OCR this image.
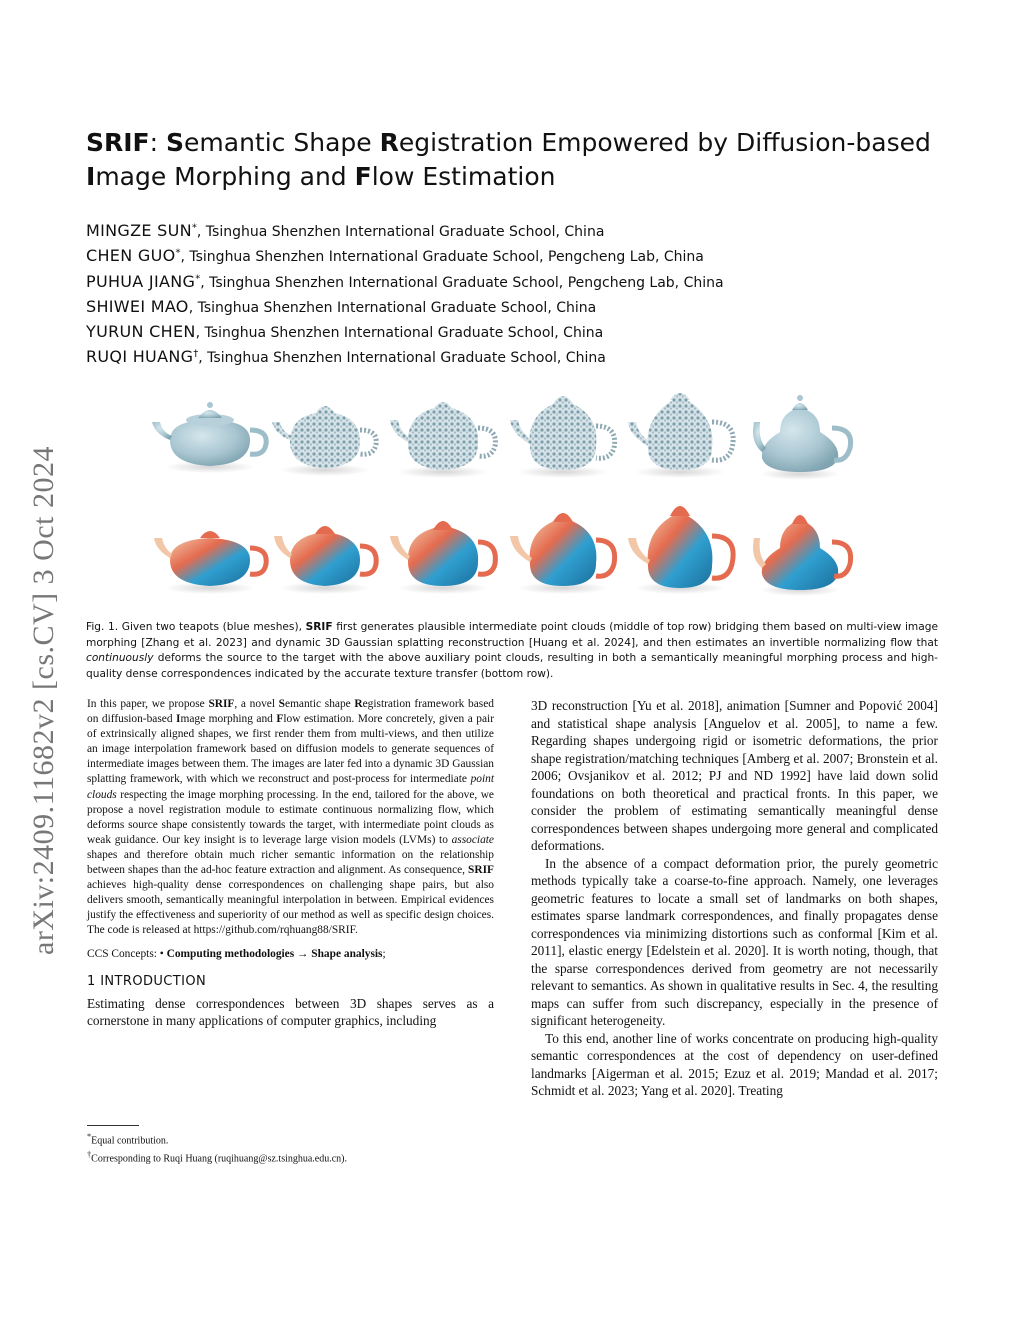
arXiv:2409.11682v2 [cs.CV] 3 Oct 2024
SRIF: Semantic Shape Registration Empowered by Diffusion-based
Image Morphing and Flow Estimation
MINGZE SUN*, Tsinghua Shenzhen International Graduate School, China
CHEN GUO*, Tsinghua Shenzhen International Graduate School, Pengcheng Lab, China
PUHUA JIANG*, Tsinghua Shenzhen International Graduate School, Pengcheng Lab, China
SHIWEI MAO, Tsinghua Shenzhen International Graduate School, China
YURUN CHEN, Tsinghua Shenzhen International Graduate School, China
RUQI HUANG†, Tsinghua Shenzhen International Graduate School, China
Fig. 1. Given two teapots (blue meshes), SRIF first generates plausible intermediate point clouds (middle of top row) bridging them based on multi-view image morphing [Zhang et al. 2023] and dynamic 3D Gaussian splatting reconstruction [Huang et al. 2024], and then estimates an invertible normalizing flow that continuously deforms the source to the target with the above auxiliary point clouds, resulting in both a semantically meaningful morphing process and high-quality dense correspondences indicated by the accurate texture transfer (bottom row).

In this paper, we propose SRIF, a novel Semantic shape Registration framework based on diffusion-based Image morphing and Flow estimation. More concretely, given a pair of extrinsically aligned shapes, we first render them from multi-views, and then utilize an image interpolation framework based on diffusion models to generate sequences of intermediate images between them. The images are later fed into a dynamic 3D Gaussian splatting framework, with which we reconstruct and post-process for intermediate point clouds respecting the image morphing processing. In the end, tailored for the above, we propose a novel registration module to estimate continuous normalizing flow, which deforms source shape consistently towards the target, with intermediate point clouds as weak guidance. Our key insight is to leverage large vision models (LVMs) to associate shapes and therefore obtain much richer semantic information on the relationship between shapes than the ad-hoc feature extraction and alignment. As consequence, SRIF achieves high-quality dense correspondences on challenging shape pairs, but also delivers smooth, semantically meaningful interpolation in between. Empirical evidences justify the effectiveness and superiority of our method as well as specific design choices. The code is released at https://github.com/rqhuang88/SRIF.

CCS Concepts: • Computing methodologies → Shape analysis;

1 INTRODUCTION

Estimating dense correspondences between 3D shapes serves as a cornerstone in many applications of computer graphics, including

*Equal contribution.
†Corresponding to Ruqi Huang (ruqihuang@sz.tsinghua.edu.cn).

3D reconstruction [Yu et al. 2018], animation [Sumner and Popović 2004] and statistical shape analysis [Anguelov et al. 2005], to name a few. Regarding shapes undergoing rigid or isometric deformations, the prior shape registration/matching techniques [Amberg et al. 2007; Bronstein et al. 2006; Ovsjanikov et al. 2012; PJ and ND 1992] have laid down solid foundations on both theoretical and practical fronts. In this paper, we consider the problem of estimating semantically meaningful dense correspondences between shapes undergoing more general and complicated deformations.

In the absence of a compact deformation prior, the purely geometric methods typically take a coarse-to-fine approach. Namely, one leverages geometric features to locate a small set of landmarks on both shapes, estimates sparse landmark correspondences, and finally propagates dense correspondences via minimizing distortions such as conformal [Kim et al. 2011], elastic energy [Edelstein et al. 2020]. It is worth noting, though, that the sparse correspondences derived from geometry are not necessarily relevant to semantics. As shown in qualitative results in Sec. 4, the resulting maps can suffer from such discrepancy, especially in the presence of significant heterogeneity.

To this end, another line of works concentrate on producing high-quality semantic correspondences at the cost of dependency on user-defined landmarks [Aigerman et al. 2015; Ezuz et al. 2019; Mandad et al. 2017; Schmidt et al. 2023; Yang et al. 2020]. Treating
